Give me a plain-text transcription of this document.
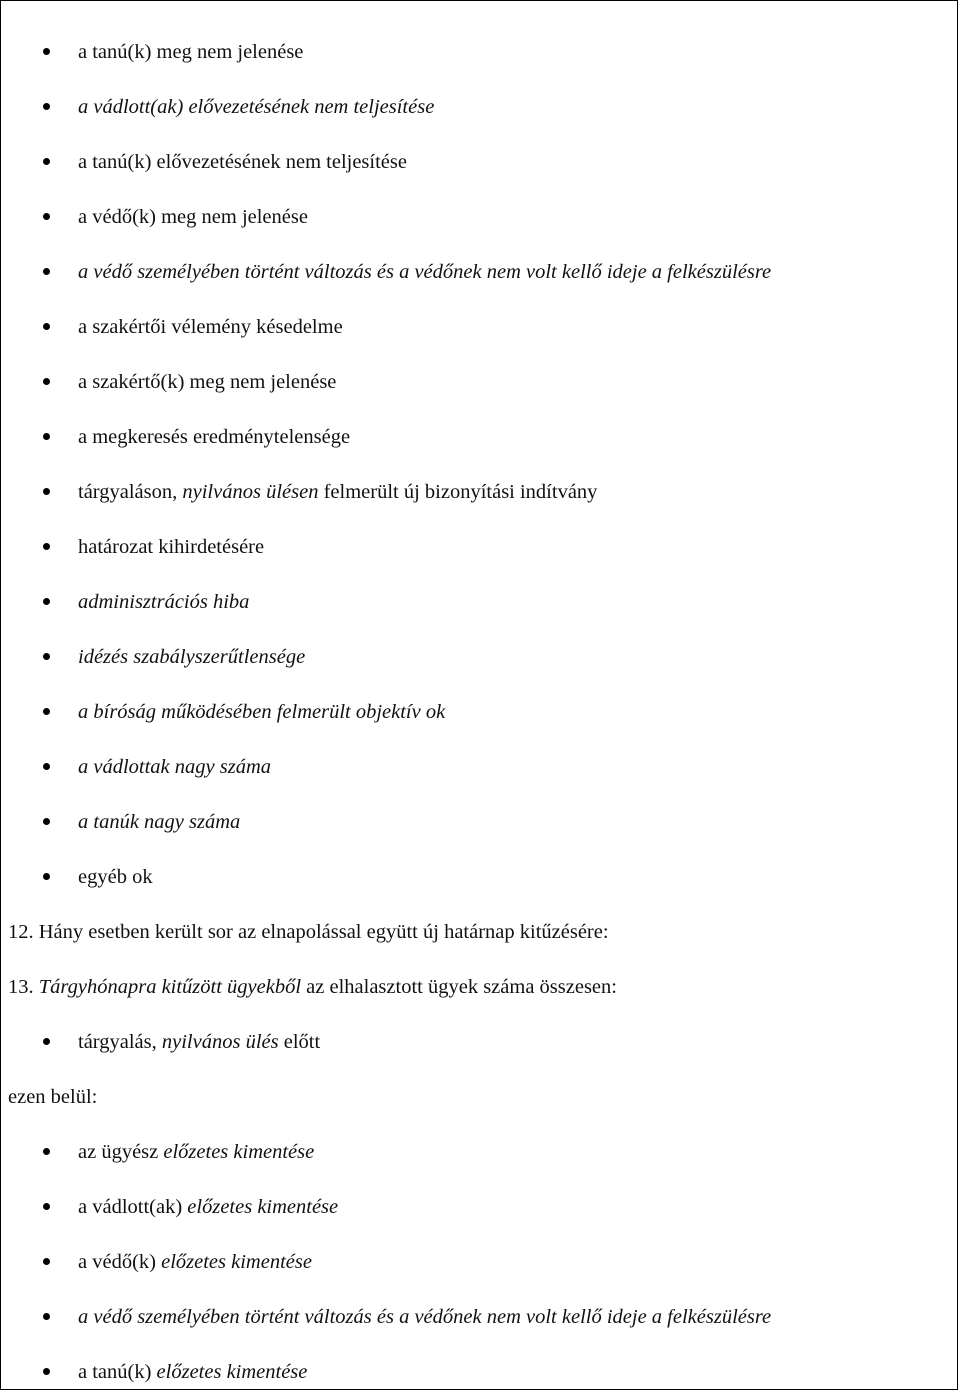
a tanú(k) meg nem jelenése
a vádlott(ak) elővezetésének nem teljesítése
a tanú(k) elővezetésének nem teljesítése
a védő(k) meg nem jelenése
a védő személyében történt változás és a védőnek nem volt kellő ideje a felkészülésre
a szakértői vélemény késedelme
a szakértő(k) meg nem jelenése
a megkeresés eredménytelensége
tárgyaláson, nyilvános ülésen felmerült új bizonyítási indítvány
határozat kihirdetésére
adminisztrációs hiba
idézés szabályszerűtlensége
a bíróság működésében felmerült objektív ok
a vádlottak nagy száma
a tanúk nagy száma
egyéb ok
12. Hány esetben került sor az elnapolással együtt új határnap kitűzésére:
13. Tárgyhónapra kitűzött ügyekből az elhalasztott ügyek száma összesen:
tárgyalás, nyilvános ülés előtt
ezen belül:
az ügyész előzetes kimentése
a vádlott(ak) előzetes kimentése
a védő(k) előzetes kimentése
a védő személyében történt változás és a védőnek nem volt kellő ideje a felkészülésre
a tanú(k) előzetes kimentése
